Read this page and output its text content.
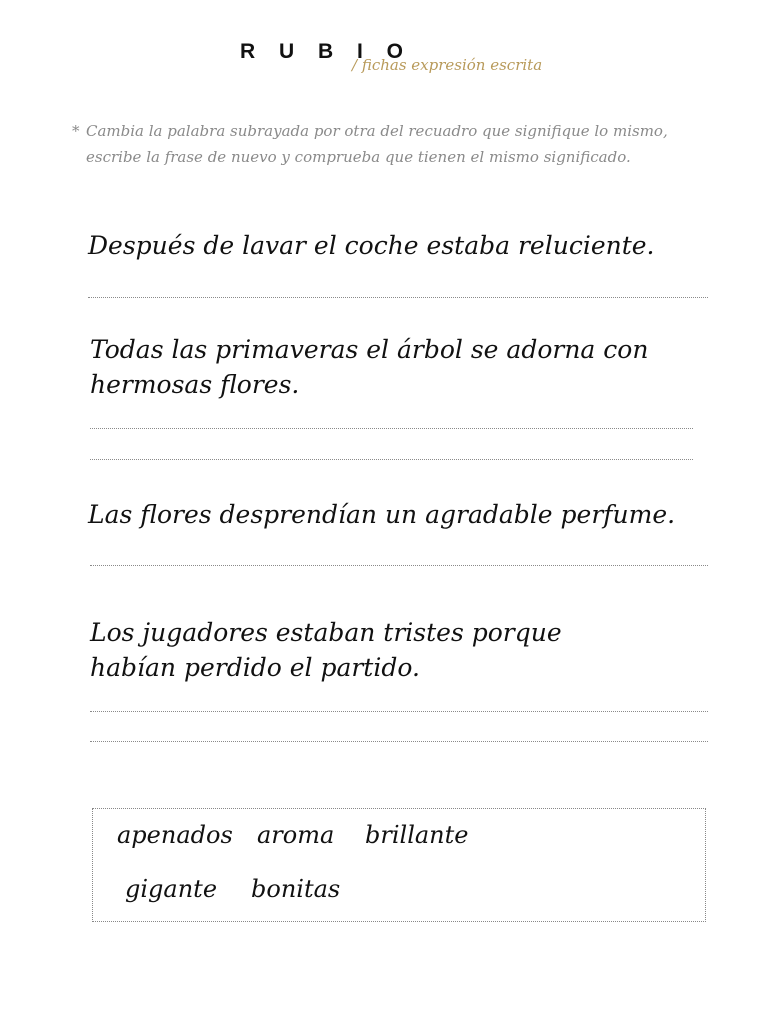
R U B I O
/ fichas expresión escrita
* Cambia la palabra subrayada por otra del recuadro que signifique lo mismo, escribe la frase de nuevo y comprueba que tienen el mismo significado.
Después de lavar el coche estaba reluciente.
Todas las primaveras el árbol se adorna con hermosas flores.
Las flores desprendían un agradable perfume.
Los jugadores estaban tristes porque habían perdido el partido.
apenados aroma brillante
gigante bonitas
